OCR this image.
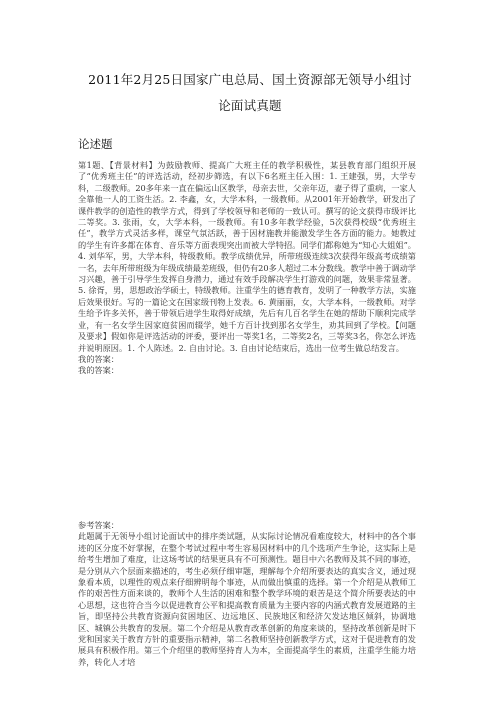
2011年2月25日国家广电总局、国土资源部无领导小组讨
论面试真题
论述题

第1题、【背景材料】为鼓励教师、提高广大班主任的教学积极性，某县教育部门组织开展了“优秀班主任”的评选活动，经初步筛选，有以下6名班主任入围：1. 王建强，男，大学专科，二级教师。20多年来一直在偏远山区教学，母亲去世，父亲年迈，妻子得了重病，一家人全靠他一人的工资生活。2. 李鑫，女，大学本科，一级教师。从2001年开始教学，研发出了课件教学的创造性的教学方式，得到了学校领导和老师的一致认可。撰写的论文获得市级评比二等奖。3. 张雨，女，大学本科，一级教师。有10多年教学经验，5次获得校级“优秀班主任”，教学方式灵活多样，课堂气氛活跃，善于因材施教并能激发学生各方面的能力。她教过的学生有许多都在体育、音乐等方面表现突出而被大学特招。同学们都称她为“知心大姐姐”。4. 刘华军，男，大学本科，特级教师。教学成绩优异，所带班级连续3次获得年级高考成绩第一名，去年所带班级为年级成绩最差班级，但仍有20多人超过二本分数线。教学中善于调动学习兴趣，善于引导学生发挥自身潜力，通过有效手段解决学生打游戏的问题，效果非常显著。5. 徐胥，男，思想政治学硕士，特级教师。注重学生的德育教育，发明了一种教学方法，实施后效果很好。写的一篇论文在国家级刊物上发表。6. 黄丽丽，女，大学本科，一级教师。对学生给予许多关怀，善于带领后进学生取得好成绩，先后有几百名学生在她的帮助下顺利完成学业，有一名女学生因家庭贫困而辍学，她千方百计找到那名女学生，劝其回到了学校。【问题及要求】假如你是评选活动的评委，要评出一等奖1名，二等奖2名，三等奖3名，你怎么评选并说明原因。1. 个人陈述。2. 自由讨论。3. 自由讨论结束后，选出一位考生做总结发言。

我的答案：

我的答案：

参考答案：

此题属于无领导小组讨论面试中的排序类试题，从实际讨论情况看难度较大，材料中的各个事迹的区分度不好掌握，在整个考试过程中考生容易因材料中的几个选项产生争论，这实际上是给考生增加了难度，让这场考试的结果更具有不可预测性。题目中六名教师及其不同的事迹，是分别从六个层面来描述的，考生必须仔细审题，理解每个介绍所要表达的真实含义，通过现象看本质，以理性的观点来仔细辨明每个事迹，从而做出慎重的选择。第一个介绍是从教师工作的艰苦性方面来谈的，教师个人生活的困难和整个教学环境的艰苦是这个简介所要表达的中心思想，这也符合当今以促进教育公平和提高教育质量为主要内容的内涵式教育发展道路的主旨，即坚持公共教育资源向贫困地区、边远地区、民族地区和经济欠发达地区倾斜，协调地区、城镇公共教育的发展。第二个介绍是从教育改革创新的角度来谈的，坚持改革创新是时下党和国家关于教育方针的重要指示精神，第二名教师坚持创新教学方式，这对于促进教育的发展具有积极作用。第三个介绍里的教师坚持育人为本，全面提高学生的素质，注重学生能力培养，转化人才培
